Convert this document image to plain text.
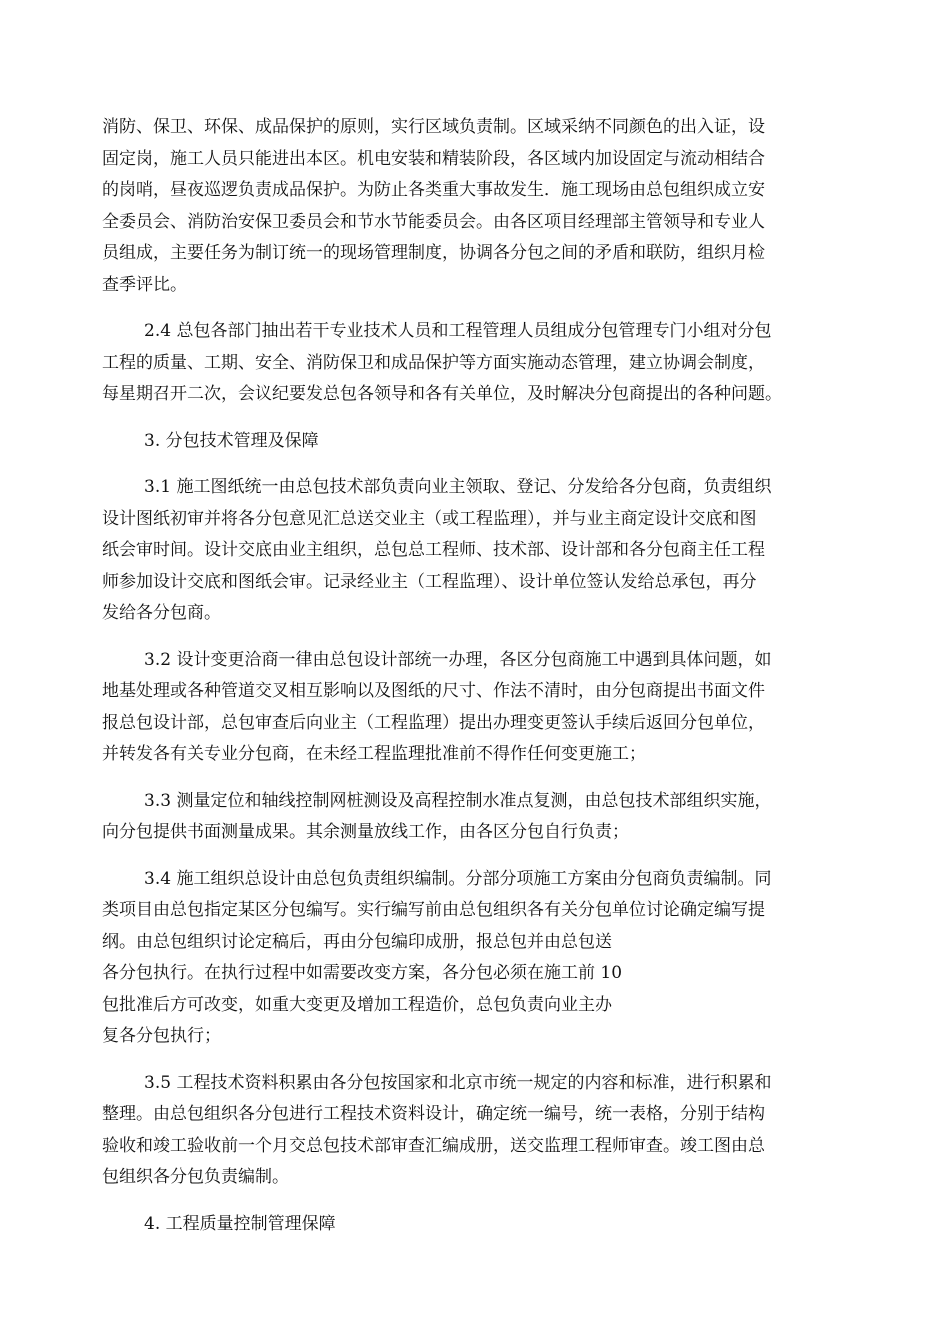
消防、保卫、环保、成品保护的原则，实行区域负责制。区域采纳不同颜色的出入证，设
固定岗，施工人员只能进出本区。机电安装和精装阶段，各区域内加设固定与流动相结合
的岗哨，昼夜巡逻负责成品保护。为防止各类重大事故发生．施工现场由总包组织成立安
全委员会、消防治安保卫委员会和节水节能委员会。由各区项目经理部主管领导和专业人
员组成，主要任务为制订统一的现场管理制度，协调各分包之间的矛盾和联防，组织月检
查季评比。

2.4 总包各部门抽出若干专业技术人员和工程管理人员组成分包管理专门小组对分包
工程的质量、工期、安全、消防保卫和成品保护等方面实施动态管理，建立协调会制度，
每星期召开二次，会议纪要发总包各领导和各有关单位，及时解决分包商提出的各种问题。

3. 分包技术管理及保障

3.1 施工图纸统一由总包技术部负责向业主领取、登记、分发给各分包商，负责组织
设计图纸初审并将各分包意见汇总送交业主（或工程监理），并与业主商定设计交底和图
纸会审时间。设计交底由业主组织，总包总工程师、技术部、设计部和各分包商主任工程
师参加设计交底和图纸会审。记录经业主（工程监理）、设计单位签认发给总承包，再分
发给各分包商。

3.2 设计变更洽商一律由总包设计部统一办理，各区分包商施工中遇到具体问题，如
地基处理或各种管道交叉相互影响以及图纸的尺寸、作法不清时，由分包商提出书面文件
报总包设计部，总包审查后向业主（工程监理）提出办理变更签认手续后返回分包单位，
并转发各有关专业分包商，在未经工程监理批准前不得作任何变更施工；

3.3 测量定位和轴线控制网桩测设及高程控制水准点复测，由总包技术部组织实施，
向分包提供书面测量成果。其余测量放线工作，由各区分包自行负责；

3.4 施工组织总设计由总包负责组织编制。分部分项施工方案由分包商负责编制。同
类项目由总包指定某区分包编写。实行编写前由总包组织各有关分包单位讨论确定编写提
纲。由总包组织讨论定稿后，再由分包编印成册，报总包并由总包送
各分包执行。在执行过程中如需要改变方案，各分包必须在施工前 10
包批准后方可改变，如重大变更及增加工程造价，总包负责向业主办
复各分包执行；

3.5 工程技术资料积累由各分包按国家和北京市统一规定的内容和标准，进行积累和
整理。由总包组织各分包进行工程技术资料设计，确定统一编号，统一表格，分别于结构
验收和竣工验收前一个月交总包技术部审查汇编成册，送交监理工程师审查。竣工图由总
包组织各分包负责编制。

4. 工程质量控制管理保障
